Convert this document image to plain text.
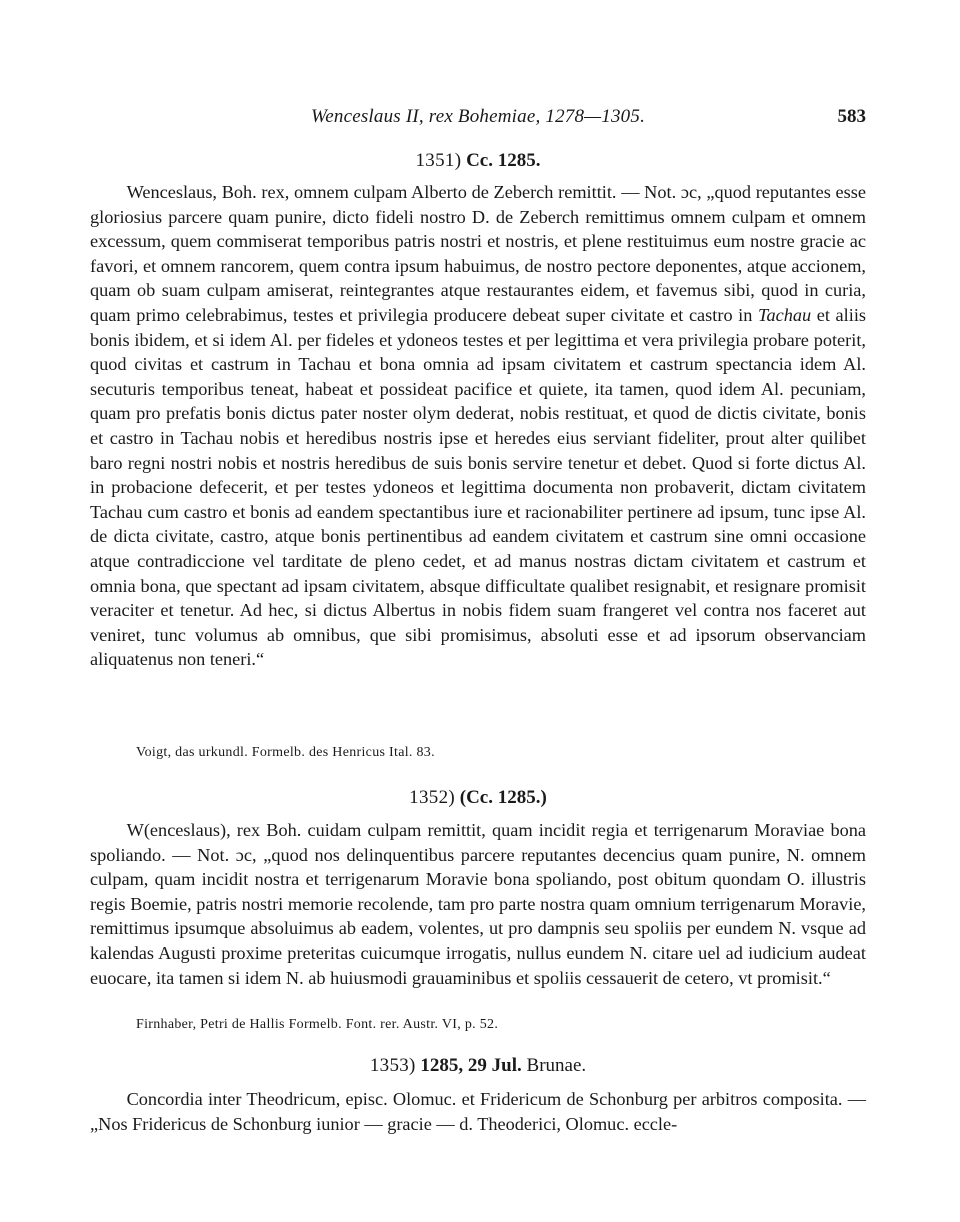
Wenceslaus II, rex Bohemiae, 1278—1305.	583
1351) Cc. 1285.

Wenceslaus, Boh. rex, omnem culpam Alberto de Zeberch remittit. — Not. ɔc, „quod reputantes esse gloriosius parcere quam punire, dicto fideli nostro D. de Zeberch remittimus omnem culpam et omnem excessum, quem commiserat temporibus patris nostri et nostris, et plene restituimus eum nostre gracie ac favori, et omnem rancorem, quem contra ipsum habuimus, de nostro pectore deponentes, atque accionem, quam ob suam culpam amiserat, reintegrantes atque restaurantes eidem, et favemus sibi, quod in curia, quam primo celebrabimus, testes et privilegia producere debeat super civitate et castro in Tachau et aliis bonis ibidem, et si idem Al. per fideles et ydoneos testes et per legittima et vera privilegia probare poterit, quod civitas et castrum in Tachau et bona omnia ad ipsam civitatem et castrum spectancia idem Al. secuturis temporibus teneat, habeat et possideat pacifice et quiete, ita tamen, quod idem Al. pecuniam, quam pro prefatis bonis dictus pater noster olym dederat, nobis restituat, et quod de dictis civitate, bonis et castro in Tachau nobis et heredibus nostris ipse et heredes eius serviant fideliter, prout alter quilibet baro regni nostri nobis et nostris heredibus de suis bonis servire tenetur et debet. Quod si forte dictus Al. in probacione defecerit, et per testes ydoneos et legittima documenta non probaverit, dictam civitatem Tachau cum castro et bonis ad eandem spectantibus iure et racionabiliter pertinere ad ipsum, tunc ipse Al. de dicta civitate, castro, atque bonis pertinentibus ad eandem civitatem et castrum sine omni occasione atque contradiccione vel tarditate de pleno cedet, et ad manus nostras dictam civitatem et castrum et omnia bona, que spectant ad ipsam civitatem, absque difficultate qualibet resignabit, et resignare promisit veraciter et tenetur. Ad hec, si dictus Albertus in nobis fidem suam frangeret vel contra nos faceret aut veniret, tunc volumus ab omnibus, que sibi promisimus, absoluti esse et ad ipsorum observanciam aliquatenus non teneri.“

Voigt, das urkundl. Formelb. des Henricus Ital. 83.
1352) (Cc. 1285.)

W(enceslaus), rex Boh. cuidam culpam remittit, quam incidit regia et terrigenarum Moraviae bona spoliando. — Not. ɔc, „quod nos delinquentibus parcere reputantes decencius quam punire, N. omnem culpam, quam incidit nostra et terrigenarum Moravie bona spoliando, post obitum quondam O. illustris regis Boemie, patris nostri memorie recolende, tam pro parte nostra quam omnium terrigenarum Moravie, remittimus ipsumque absoluimus ab eadem, volentes, ut pro dampnis seu spoliis per eundem N. vsque ad kalendas Augusti proxime preteritas cuicumque irrogatis, nullus eundem N. citare uel ad iudicium audeat euocare, ita tamen si idem N. ab huiusmodi grauaminibus et spoliis cessauerit de cetero, vt promisit.“

Firnhaber, Petri de Hallis Formelb. Font. rer. Austr. VI, p. 52.
1353) 1285, 29 Jul. Brunae.

Concordia inter Theodricum, episc. Olomuc. et Fridericum de Schonburg per arbitros composita. — „Nos Fridericus de Schonburg iunior — gracie — d. Theoderici, Olomuc. eccle-
